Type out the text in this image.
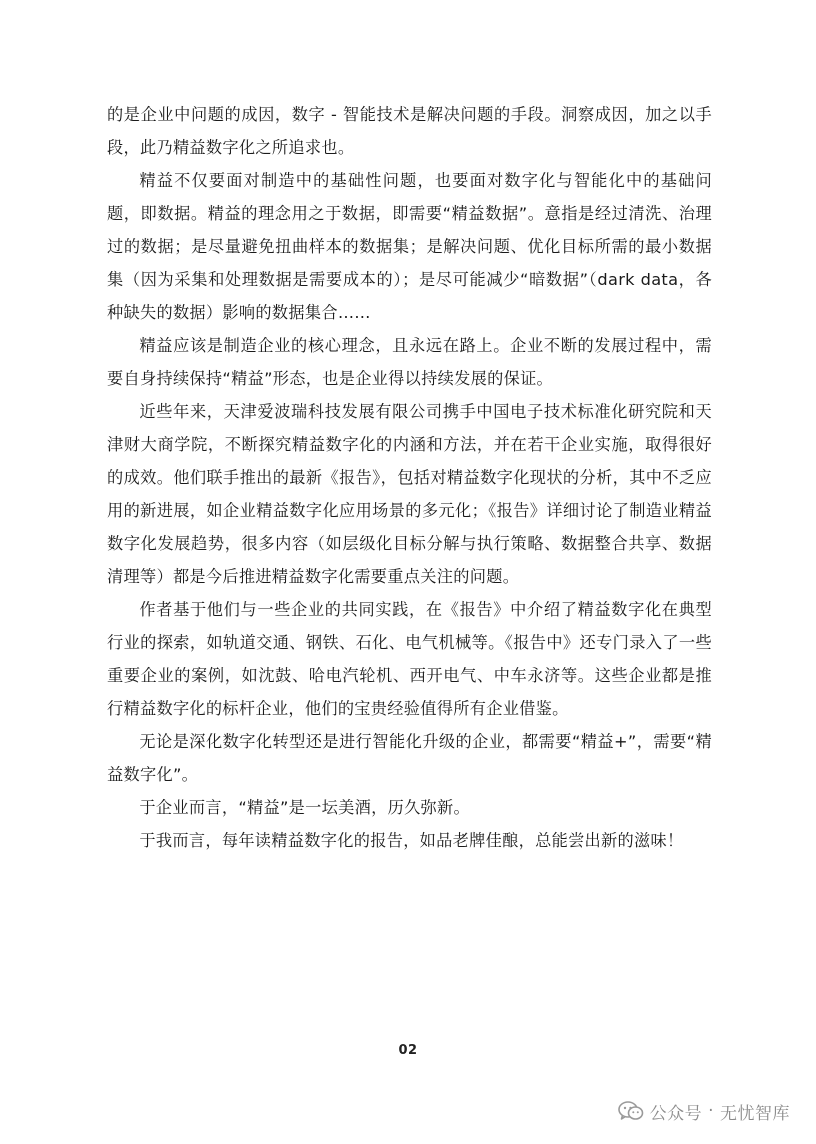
的是企业中问题的成因，数字 - 智能技术是解决问题的手段。洞察成因，加之以手段，此乃精益数字化之所追求也。

精益不仅要面对制造中的基础性问题，也要面对数字化与智能化中的基础问题，即数据。精益的理念用之于数据，即需要“精益数据”。意指是经过清洗、治理过的数据；是尽量避免扭曲样本的数据集；是解决问题、优化目标所需的最小数据集（因为采集和处理数据是需要成本的）；是尽可能减少“暗数据”（dark data，各种缺失的数据）影响的数据集合……

精益应该是制造企业的核心理念，且永远在路上。企业不断的发展过程中，需要自身持续保持“精益”形态，也是企业得以持续发展的保证。

近些年来，天津爱波瑞科技发展有限公司携手中国电子技术标准化研究院和天津财大商学院，不断探究精益数字化的内涵和方法，并在若干企业实施，取得很好的成效。他们联手推出的最新《报告》，包括对精益数字化现状的分析，其中不乏应用的新进展，如企业精益数字化应用场景的多元化；《报告》详细讨论了制造业精益数字化发展趋势，很多内容（如层级化目标分解与执行策略、数据整合共享、数据清理等）都是今后推进精益数字化需要重点关注的问题。

作者基于他们与一些企业的共同实践，在《报告》中介绍了精益数字化在典型行业的探索，如轨道交通、钢铁、石化、电气机械等。《报告中》还专门录入了一些重要企业的案例，如沈鼓、哈电汽轮机、西开电气、中车永济等。这些企业都是推行精益数字化的标杆企业，他们的宝贵经验值得所有企业借鉴。

无论是深化数字化转型还是进行智能化升级的企业，都需要“精益+”，需要“精益数字化”。

于企业而言，“精益”是一坛美酒，历久弥新。

于我而言，每年读精益数字化的报告，如品老牌佳酿，总能尝出新的滋味！

02
公众号 · 无忧智库
